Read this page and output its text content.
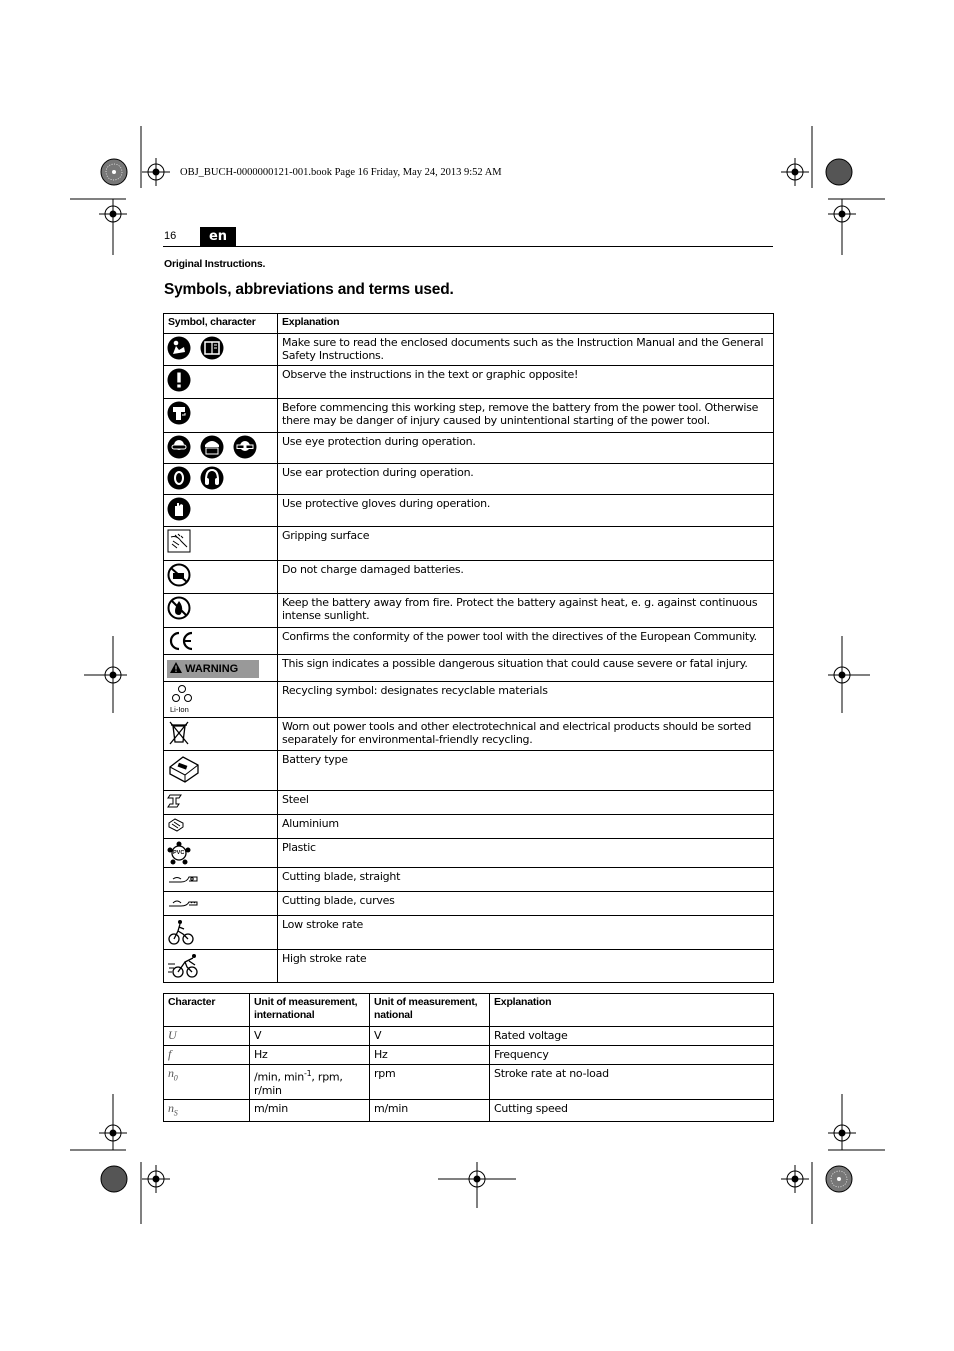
OBJ_BUCH-0000000121-001.book Page 16 Friday, May 24, 2013 9:52 AM
16	en
Original Instructions.
Symbols, abbreviations and terms used.
Symbol, character	Explanation
	Make sure to read the enclosed documents such as the Instruction Manual and the General Safety Instructions.
	Observe the instructions in the text or graphic opposite!
	Before commencing this working step, remove the battery from the power tool. Otherwise there may be danger of injury caused by unintentional starting of the power tool.
	Use eye protection during operation.
	Use ear protection during operation.
	Use protective gloves during operation.
	Gripping surface
	Do not charge damaged batteries.
	Keep the battery away from fire. Protect the battery against heat, e. g. against continuous intense sunlight.
	Confirms the conformity of the power tool with the directives of the European Community.
WARNING	This sign indicates a possible dangerous situation that could cause severe or fatal injury.

Li-Ion	Recycling symbol: designates recyclable materials
	Worn out power tools and other electrotechnical and electrical products should be sorted separately for environmental-friendly recycling.
	Battery type
	Steel
	Aluminium

PVC	Plastic
	Cutting blade, straight
	Cutting blade, curves
	Low stroke rate
	High stroke rate
Character	Unit of measurement, international	Unit of measurement, national	Explanation
U	V	V	Rated voltage
f	Hz	Hz	Frequency
$n_0$	/min, $\min^{-1}$, rpm, r/min	rpm	Stroke rate at no-load
$n_S$	m/min	m/min	Cutting speed
